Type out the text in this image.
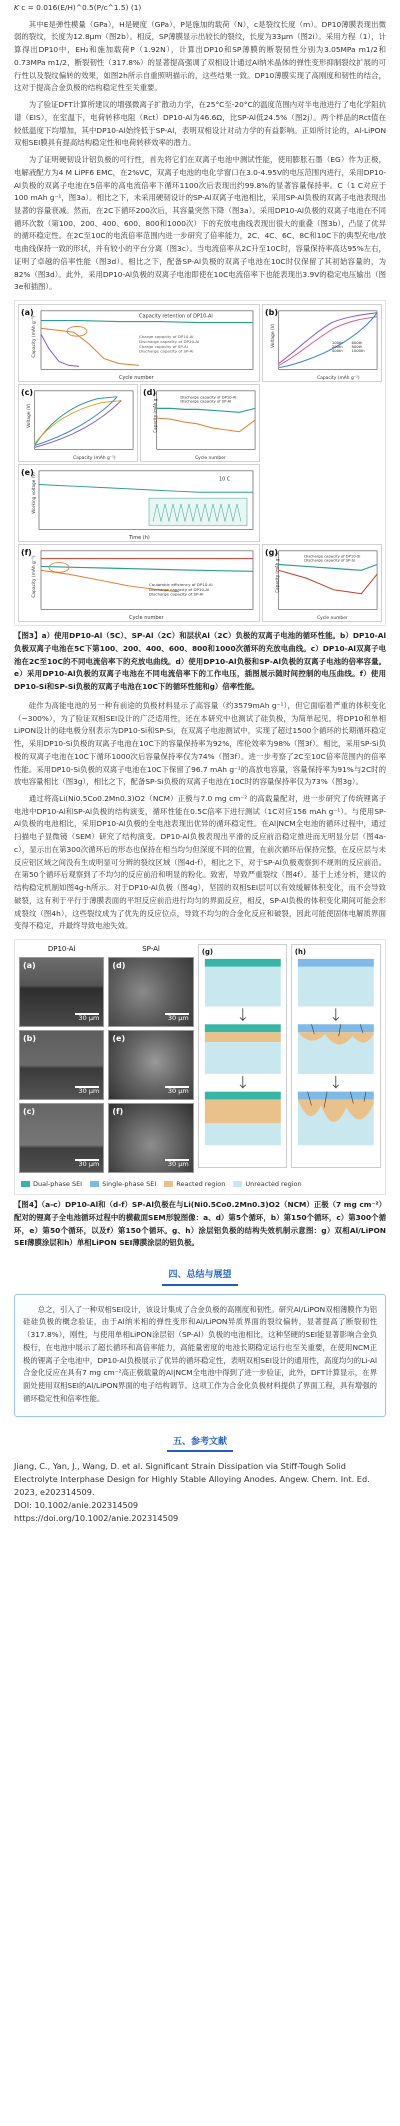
K c = 0.016(E/H)^0.5(P/c^1.5) (1)

其中E是弹性模量（GPa），H是硬度（GPa），P是施加的载荷（N），c是裂纹长度（m）。DP10薄膜表现出微弱的裂纹，长度为12.8μm（图2b）。相反，SP薄膜显示出较长的裂纹，长度为33μm（图2i）。采用方程（1），计算得出DP10中，EH₂和施加载荷P（1.92N），计算出DP10和SP薄膜的断裂韧性分别为3.05MPa m1/2和0.73MPa m1/2，断裂韧性（317.8%）的显著提高强调了双相设计通过Al纳米晶体的弹性变形抑制裂纹扩展的可行性以及裂纹偏转的效果，如图2h所示自重照明描示的，这些结果一致。DP10薄膜实现了高刚度和韧性的结合，这对于提高合金负极的结构稳定性至关重要。

为了验证DFT计算所建议的增强微离子扩散动力学，在25°C至-20°C的温度范围内对半电池进行了电化学阻抗谱（EIS），在室温下，电荷转移电阻（Rct）DP10-Al为46.6Ω，比SP-Al低24.5%（图2j）。两个样品的Rct值在较低温度下均增加，其中DP10-Al始终低于SP-Al，表明双相设计对动力学的有益影响。正如所讨论的，Al-LiPON双相SEI膜具有提高结构稳定性和电荷转移效率的潜力。

为了证明硬韧设计铝负极的可行性，首先将它们在双离子电池中测试性能，使用膨胀石墨（EG）作为正极，电解液配方为4 M LiPF6 EMC，在2%VC，双离子电池的电化学窗口在3.0-4.95V的电压范围内进行，采用DP10-Al负极的双离子电池在5倍率的高电流倍率下循环1100次后表现出约99.8%的显著容量保持率。C（1 C对应于100 mAh g⁻¹，图3a）。相比之下，未采用硬韧设计的SP-Al双离子电池相比，采用SP-Al负极的双离子电池表现出显著的容量衰减。然而，在2C下循环200次后，其容量突然下降（图3a）。采用DP10-Al负极的双离子电池在不同循环次数（第100、200、400、600、800和1000次）下的充放电曲线表现出很大的重叠（图3b），凸显了优异的循环稳定性。在2C至10C的电流倍率范围内进一步研究了倍率能力，2C、4C、6C、8C和10C下的典型充电/放电曲线保持一致的形状，并有较小的平台分离（图3c）。当电流倍率从2C升至10C时，容量保持率高达95%左右，证明了卓越的倍率性能（图3d）。相比之下，配备SP-Al负极的双离子电池在10C时仅保留了其初始容量的，为82%（图3d）。此外，采用DP10-Al负极的双离子电池即使在10C电流倍率下也能表现出3.9V的稳定电压输出（图3e和插图）。

(a)	Capacity retention of DP10-Al
Cycle number
Capacity (mAh g⁻¹)	Charge capacity of DP10-Al
Discharge capacity of DP10-Al
Charge capacity of SP-Al
Discharge capacity of SP-Al
(b)
Capacity (mAh g⁻¹)
Voltage (V)	100th
200th
400th
600th
800th
1000th
(c)
Capacity (mAh g⁻¹)
Voltage (V)
(d)
Discharge capacity of DP10-Al
Discharge capacity of SP-Al
Cycle number
Capacity (mAh g⁻¹)
(e)
10 C
Time (h)
Working voltage (V)
(f)
Coulombic efficiency of DP10-Al
Discharge capacity of DP10-Al
Discharge capacity of SP-Al
Cycle number
Capacity (mAh g⁻¹)
(g)	Discharge capacity of DP10-Si
Discharge capacity of SP-Si
Cycle number
Capacity (mAh g⁻¹)

【图3】a）使用DP10-Al（5C）、SP-Al（2C）和层状Al（2C）负极的双离子电池的循环性能。b）DP10-Al负极双离子电池在5C下第100、200、400、600、800和1000次循环的充放电曲线。c）DP10-Al双离子电池在2C至10C的不同电流倍率下的充放电曲线。d）使用DP10-Al负极和SP-Al负极的双离子电池的倍率容量。e）采用DP10-Al负极的双离子电池在不同电流倍率下的工作电压，插图展示随时间控制的电压曲线。f）使用DP10-Si和SP-Si负极的双离子电池在10C下的循环性能和g）倍率性能。

硅作为高能电池的另一种有前途的负极材料显示了高容量（约3579mAh g⁻¹），但它面临着严重的体积变化（~300%），为了验证双相SEI设计的广泛适用性，还在本研究中也测试了硅负极，为简单起见，将DP10和单相LiPON设计的硅电极分别表示为DP10-Si和SP-Si，在双离子电池测试中，实现了超过1500个循环的长期循环稳定性，采用DP10-Si负极的双离子电池在10C下的容量保持率为92%，库伦效率为98%（图3f）。相比，采用SP-Si负极的双离子电池在10C下循环1000次后容量保持率仅为74%（图3f）。进一步考察了2C至10C倍率范围内的倍率性能。采用DP10-Si负极的双离子电池在10C下保留了96.7 mAh g⁻¹的高放电容量，容量保持率为91%与2C时的放电容量相比（图3g），相比之下，配备SP-Si负极的双离子电池在10C时的容量保持率仅为73%（图3g）。

通过将高Li(Ni0.5Co0.2Mn0.3)O2（NCM）正极与7.0 mg cm⁻² 的高载量配对，进一步研究了传统锂离子电池中DP10-Al和SP-Al负极的结构演变，循环性能在0.5C倍率下进行测试（1C对应156 mAh g⁻¹）。与使用SP-Al负极的电池相比，采用DP10-Al负极的全电池表现出优异的循环稳定性。在Al|NCM全电池的循环过程中，通过扫描电子显微镜（SEM）研究了结构演变。DP10-Al负极表现出平滑的反应前沿稳定推进而无明显分层（图4a-c），显示出在第300次循环后的形态也保持在相当均匀但深度不同的位置，在前次循环后保持完整，在反应层与未反应铝区域之间没有生成明显可分辨的裂纹区域（图4d-f），相比之下，对于SP-Al负极观察到不规则的反应前沿。在第50个循环后观察到了不均匀的反应前沿和明显的粉化。致密，导致严重裂纹（图4f）。基于上述分析，建议的结构稳定机制如图4g-h所示。对于DP10-Al负极（图4g），坚固的双相SEI层可以有效缓解体积变化，而不会导致破裂，这有利于平行于薄膜表面的平坦反应前沿进行均匀的界面反应，相反，SP-Al负极的体积变化期间可能会形成裂纹（图4h），这些裂纹成为了优先的反应位点，导致不均匀的合金化反应和破裂，因此可能使固体电解质界面变得不稳定，并最终导致电池失效。

DP10-Al
(a)
30 μm
(b)
30 μm
(c)
30 μm
SP-Al
(d)
30 μm
(e)
30 μm
(f)
30 μm
(g)	(h)
Dual-phase SEI	Single-phase SEI	Reacted region	Unreacted region

【图4】（a-c）DP10-Al和（d-f）SP-Al负极在与Li(Ni0.5Co0.2Mn0.3)O2（NCM）正极（7 mg cm⁻²）配对的锂离子全电池循环过程中的横截面SEM形貌图像：a、d）第5个循环，b）第150个循环，c）第300个循环，e）第50个循环，以及f）第150个循环。g、h）涂层铝负极的结构失效机制示意图：g）双相Al/LiPON SEI薄膜涂层和h）单相LiPON SEI薄膜涂层的铝负极。

四、总结与展望

总之，引入了一种双相SEI设计，该设计集成了合金负极的高刚度和韧性。研究Al/LiPON双相薄膜作为铝硅硅负极的概念验证，由于Al纳米相的弹性变形和Al/LiPON异质界面的裂纹偏转，显著提高了断裂韧性（317.8%），刚性，与使用单相LiPON涂层铝（SP-Al）负极的电池相比，这种坚硬的SEI能显著影响合金负极行，在电池中展示了超长循环和高倍率能力，高能量密度的电池长期稳定运行也至关重要，在使用NCM正极的锂离子全电池中，DP10-Al负极展示了优异的循环稳定性，表明双相SEI设计的通用性，高度均匀的Li-Al合金化反应在具有7 mg cm⁻²高正极载量的Al|NCM全电池中得到了进一步验证，此外，DFT计算显示，在界面处使用双相SEI的Al/LiPON界面的电子结构调节。这项工作为合金化负极材料提供了界面工程，具有增强的循环稳定性和倍率性能。

五、参考文献
Jiang, C., Yan, J., Wang, D. et al. Significant Strain Dissipation via Stiff-Tough Solid Electrolyte Interphase Design for Highly Stable Alloying Anodes. Angew. Chem. Int. Ed. 2023, e202314509.
DOI: 10.1002/anie.202314509
https://doi.org/10.1002/anie.202314509
